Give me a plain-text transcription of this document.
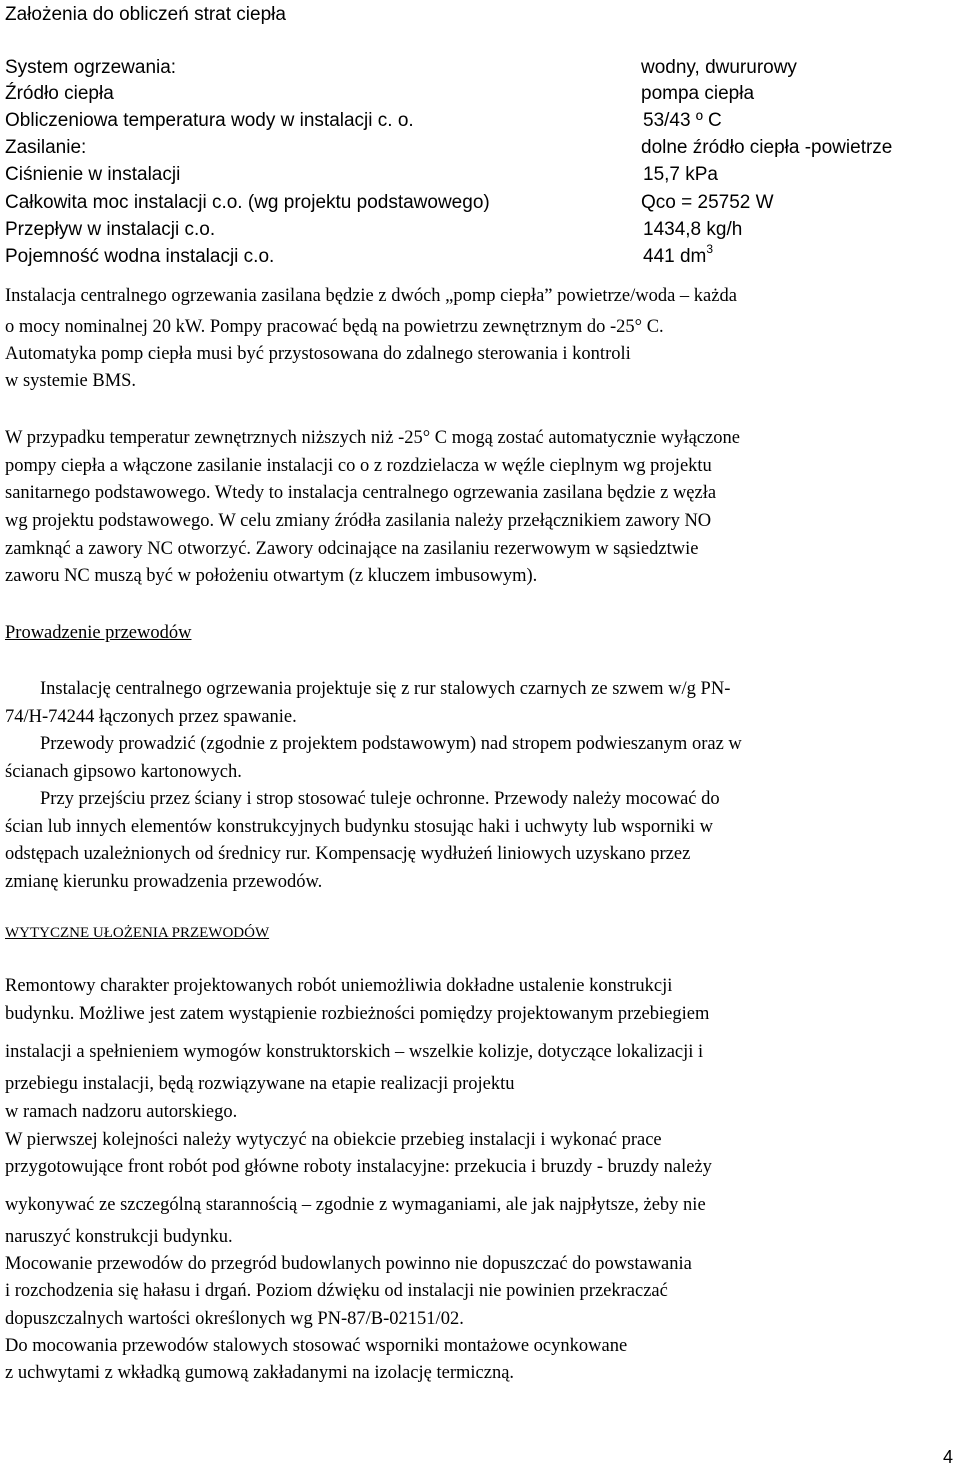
Założenia do obliczeń strat ciepła
System ogrzewania:	wodny, dwururowy
Źródło ciepła	pompa ciepła
Obliczeniowa temperatura wody w instalacji c. o.	53/43 º C
Zasilanie:	dolne źródło ciepła -powietrze
Ciśnienie w instalacji	15,7 kPa
Całkowita moc instalacji c.o. (wg projektu podstawowego)	Qco = 25752 W
Przepływ w instalacji c.o.	1434,8 kg/h
Pojemność wodna instalacji c.o.	441 $dm^3$
Instalacja centralnego ogrzewania zasilana będzie z dwóch „pomp ciepła” powietrze/woda – każda
o mocy nominalnej 20 kW. Pompy pracować będą na powietrzu zewnętrznym do -25° C.
Automatyka pomp ciepła musi być przystosowana do zdalnego sterowania i kontroli
w systemie BMS.
W przypadku temperatur zewnętrznych niższych niż -25° C mogą zostać automatycznie wyłączone
pompy ciepła a włączone zasilanie instalacji co o z rozdzielacza w węźle cieplnym wg projektu
sanitarnego podstawowego. Wtedy to instalacja centralnego ogrzewania zasilana będzie z węzła
wg projektu podstawowego. W celu zmiany źródła zasilania należy przełącznikiem zawory NO
zamknąć a zawory NC otworzyć. Zawory odcinające na zasilaniu rezerwowym w sąsiedztwie
zaworu NC muszą być w położeniu otwartym (z kluczem imbusowym).
Prowadzenie przewodów
Instalację centralnego ogrzewania projektuje się z rur stalowych czarnych ze szwem w/g PN-
74/H-74244 łączonych przez spawanie.
Przewody prowadzić (zgodnie z projektem podstawowym) nad stropem podwieszanym oraz w
ścianach gipsowo kartonowych.
Przy przejściu przez ściany i strop stosować tuleje ochronne. Przewody należy mocować do
ścian lub innych elementów konstrukcyjnych budynku stosując haki i uchwyty lub wsporniki w
odstępach uzależnionych od średnicy rur. Kompensację wydłużeń liniowych uzyskano przez
zmianę kierunku prowadzenia przewodów.
WYTYCZNE UŁOŻENIA PRZEWODÓW
Remontowy charakter projektowanych robót uniemożliwia dokładne ustalenie konstrukcji
budynku. Możliwe jest zatem wystąpienie rozbieżności pomiędzy projektowanym przebiegiem
instalacji a spełnieniem wymogów konstruktorskich – wszelkie kolizje, dotyczące lokalizacji i
przebiegu instalacji, będą rozwiązywane na etapie realizacji projektu
w ramach nadzoru autorskiego.
W pierwszej kolejności należy wytyczyć na obiekcie przebieg instalacji i wykonać prace
przygotowujące front robót pod główne roboty instalacyjne: przekucia i bruzdy - bruzdy należy
wykonywać ze szczególną starannością – zgodnie z wymaganiami, ale jak najpłytsze, żeby nie
naruszyć konstrukcji budynku.
Mocowanie przewodów do przegród budowlanych powinno nie dopuszczać do powstawania
i rozchodzenia się hałasu i drgań. Poziom dźwięku od instalacji nie powinien przekraczać
dopuszczalnych wartości określonych wg PN-87/B-02151/02.
Do mocowania przewodów stalowych stosować wsporniki montażowe ocynkowane
z uchwytami z wkładką gumową zakładanymi na izolację termiczną.
4
